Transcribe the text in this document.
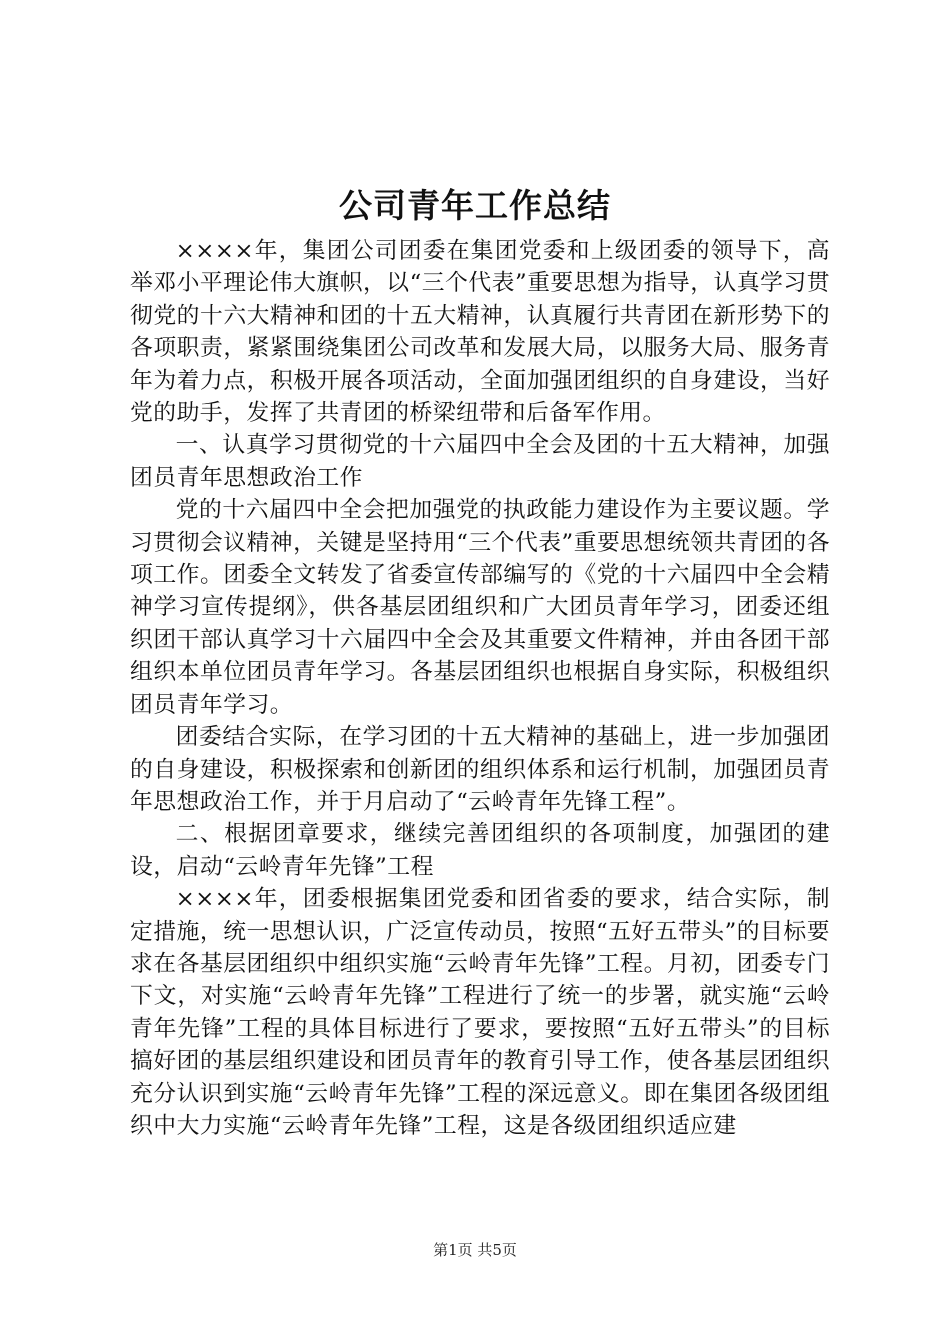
公司青年工作总结

××××年，集团公司团委在集团党委和上级团委的领导下，高举邓小平理论伟大旗帜，以“三个代表”重要思想为指导，认真学习贯彻党的十六大精神和团的十五大精神，认真履行共青团在新形势下的各项职责，紧紧围绕集团公司改革和发展大局，以服务大局、服务青年为着力点，积极开展各项活动，全面加强团组织的自身建设，当好党的助手，发挥了共青团的桥梁纽带和后备军作用。

一、认真学习贯彻党的十六届四中全会及团的十五大精神，加强团员青年思想政治工作

党的十六届四中全会把加强党的执政能力建设作为主要议题。学习贯彻会议精神，关键是坚持用“三个代表”重要思想统领共青团的各项工作。团委全文转发了省委宣传部编写的《党的十六届四中全会精神学习宣传提纲》，供各基层团组织和广大团员青年学习，团委还组织团干部认真学习十六届四中全会及其重要文件精神，并由各团干部组织本单位团员青年学习。各基层团组织也根据自身实际，积极组织团员青年学习。

团委结合实际，在学习团的十五大精神的基础上，进一步加强团的自身建设，积极探索和创新团的组织体系和运行机制，加强团员青年思想政治工作，并于月启动了“云岭青年先锋工程”。

二、根据团章要求，继续完善团组织的各项制度，加强团的建设，启动“云岭青年先锋”工程

××××年，团委根据集团党委和团省委的要求，结合实际，制定措施，统一思想认识，广泛宣传动员，按照“五好五带头”的目标要求在各基层团组织中组织实施“云岭青年先锋”工程。月初，团委专门下文，对实施“云岭青年先锋”工程进行了统一的步署，就实施“云岭青年先锋”工程的具体目标进行了要求，要按照“五好五带头”的目标搞好团的基层组织建设和团员青年的教育引导工作，使各基层团组织充分认识到实施“云岭青年先锋”工程的深远意义。即在集团各级团组织中大力实施“云岭青年先锋”工程，这是各级团组织适应建

第1页 共5页
